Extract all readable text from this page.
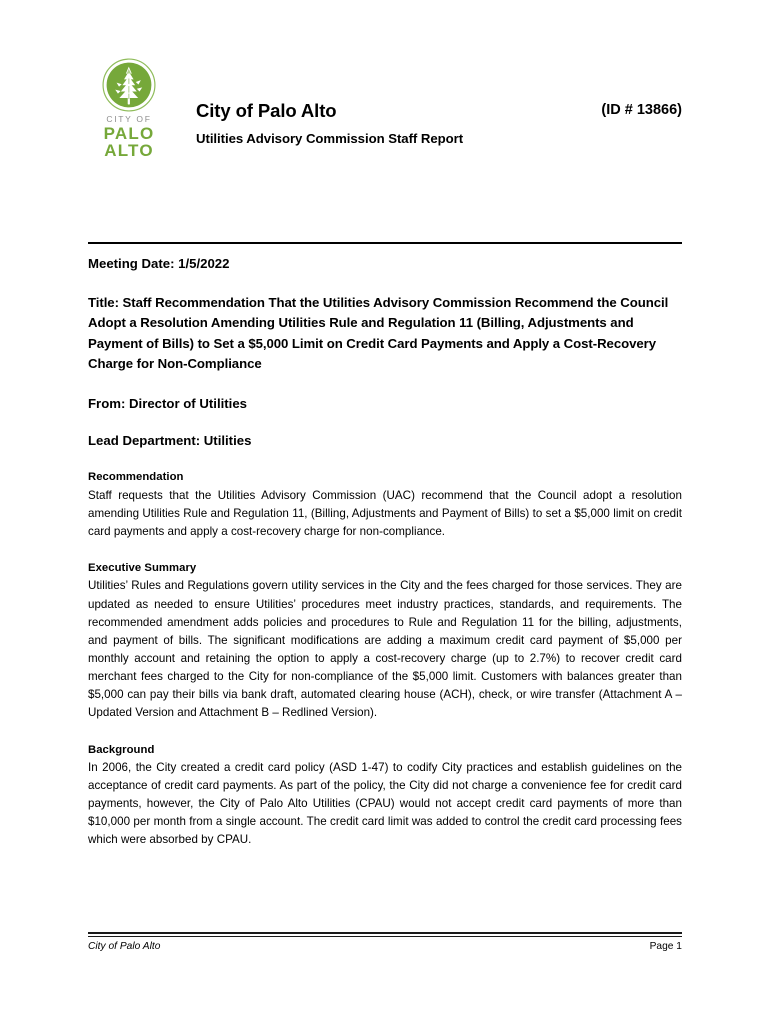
CITY OF
PALO
ALTO
City of Palo Alto
Utilities Advisory Commission Staff Report
(ID # 13866)
Meeting Date: 1/5/2022
Title: Staff Recommendation That the Utilities Advisory Commission Recommend the Council Adopt a Resolution Amending Utilities Rule and Regulation 11 (Billing, Adjustments and Payment of Bills) to Set a $5,000 Limit on Credit Card Payments and Apply a Cost-Recovery Charge for Non-Compliance
From: Director of Utilities
Lead Department: Utilities
Recommendation
Staff requests that the Utilities Advisory Commission (UAC) recommend that the Council adopt a resolution amending Utilities Rule and Regulation 11, (Billing, Adjustments and Payment of Bills) to set a $5,000 limit on credit card payments and apply a cost-recovery charge for non-compliance.
Executive Summary
Utilities’ Rules and Regulations govern utility services in the City and the fees charged for those services. They are updated as needed to ensure Utilities’ procedures meet industry practices, standards, and requirements. The recommended amendment adds policies and procedures to Rule and Regulation 11 for the billing, adjustments, and payment of bills. The significant modifications are adding a maximum credit card payment of $5,000 per monthly account and retaining the option to apply a cost-recovery charge (up to 2.7%) to recover credit card merchant fees charged to the City for non-compliance of the $5,000 limit. Customers with balances greater than $5,000 can pay their bills via bank draft, automated clearing house (ACH), check, or wire transfer (Attachment A – Updated Version and Attachment B – Redlined Version).
Background
In 2006, the City created a credit card policy (ASD 1-47) to codify City practices and establish guidelines on the acceptance of credit card payments. As part of the policy, the City did not charge a convenience fee for credit card payments, however, the City of Palo Alto Utilities (CPAU) would not accept credit card payments of more than $10,000 per month from a single account. The credit card limit was added to control the credit card processing fees which were absorbed by CPAU.
City of Palo Alto	Page 1
